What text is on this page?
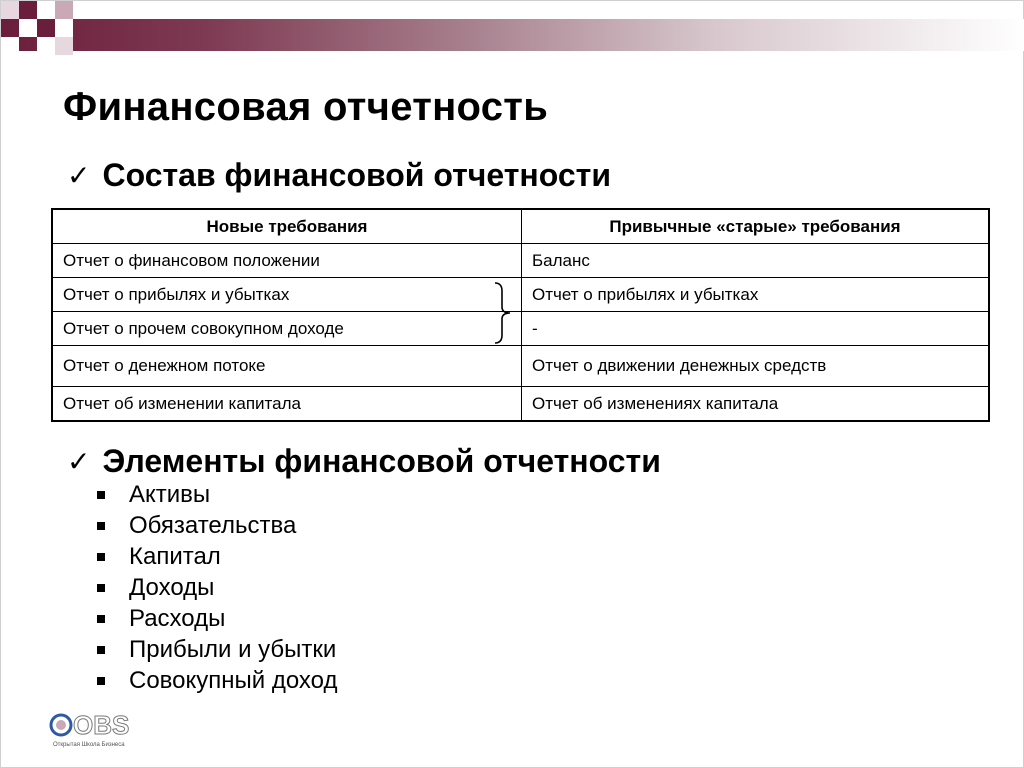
Финансовая отчетность
✓ Состав финансовой отчетности
Новые требования	Привычные «старые» требования
Отчет о финансовом положении	Баланс
Отчет о прибылях и убытках	Отчет о прибылях и убытках
Отчет о прочем совокупном доходе	-
Отчет о денежном потоке	Отчет о движении денежных средств
Отчет об изменении капитала	Отчет об изменениях капитала
✓ Элементы финансовой отчетности
Активы
Обязательства
Капитал
Доходы
Расходы
Прибыли и убытки
Совокупный доход
OBS
Открытая Школа Бизнеса
